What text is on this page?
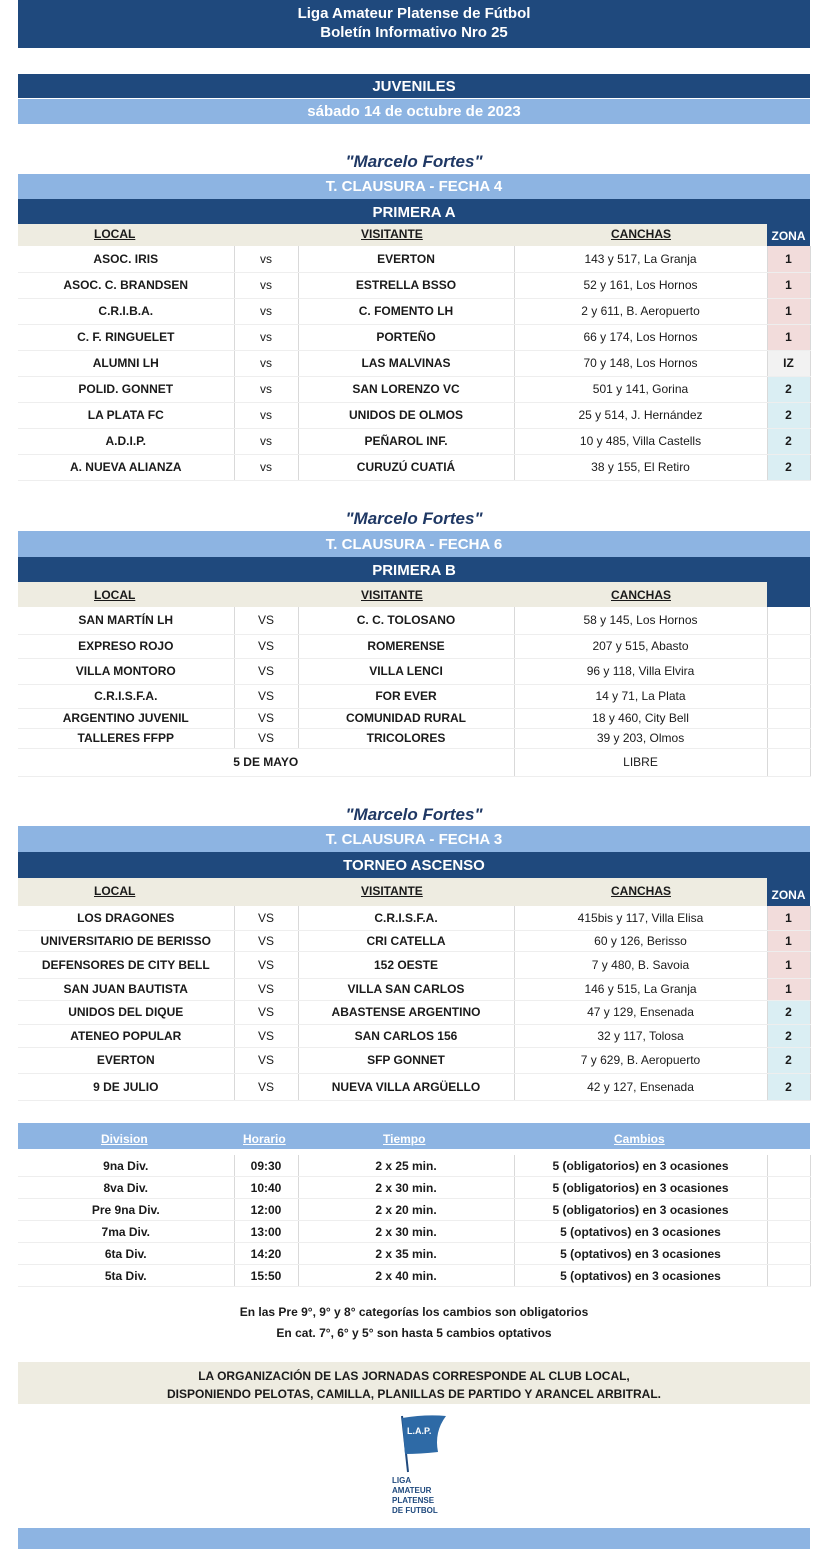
Liga Amateur Platense de Fútbol
Boletín Informativo Nro 25
JUVENILES
sábado 14 de octubre de 2023
"Marcelo Fortes"
T. CLAUSURA - FECHA 4
PRIMERA A
LOCAL	VISITANTE	CANCHAS	ZONA
ASOC. IRIS	vs	EVERTON	143 y 517, La Granja	1
ASOC. C. BRANDSEN	vs	ESTRELLA BSSO	52 y 161, Los Hornos	1
C.R.I.B.A.	vs	C. FOMENTO LH	2 y 611, B. Aeropuerto	1
C. F. RINGUELET	vs	PORTEÑO	66 y 174, Los Hornos	1
ALUMNI LH	vs	LAS MALVINAS	70 y 148, Los Hornos	IZ
POLID. GONNET	vs	SAN LORENZO VC	501 y 141, Gorina	2
LA PLATA FC	vs	UNIDOS DE OLMOS	25 y 514, J. Hernández	2
A.D.I.P.	vs	PEÑAROL INF.	10 y 485, Villa Castells	2
A. NUEVA ALIANZA	vs	CURUZÚ CUATIÁ	38 y 155, El Retiro	2
"Marcelo Fortes"
T. CLAUSURA - FECHA 6
PRIMERA B
LOCAL	VISITANTE	CANCHAS
SAN MARTÍN LH	VS	C. C. TOLOSANO	58 y 145, Los Hornos	
EXPRESO ROJO	VS	ROMERENSE	207 y 515, Abasto	
VILLA MONTORO	VS	VILLA LENCI	96 y 118, Villa Elvira	
C.R.I.S.F.A.	VS	FOR EVER	14 y 71, La Plata	
ARGENTINO JUVENIL	VS	COMUNIDAD RURAL	18 y 460, City Bell	
TALLERES FFPP	VS	TRICOLORES	39 y 203, Olmos	
5 DE MAYO			LIBRE	
"Marcelo Fortes"
T. CLAUSURA - FECHA 3
TORNEO ASCENSO
LOCAL	VISITANTE	CANCHAS	ZONA
LOS DRAGONES	VS	C.R.I.S.F.A.	415bis y 117, Villa Elisa	1
UNIVERSITARIO DE BERISSO	VS	CRI CATELLA	60 y 126, Berisso	1
DEFENSORES DE CITY BELL	VS	152 OESTE	7 y 480, B. Savoia	1
SAN JUAN BAUTISTA	VS	VILLA SAN CARLOS	146 y 515, La Granja	1
UNIDOS DEL DIQUE	VS	ABASTENSE ARGENTINO	47 y 129, Ensenada	2
ATENEO POPULAR	VS	SAN CARLOS 156	32 y 117, Tolosa	2
EVERTON	VS	SFP GONNET	7 y 629, B. Aeropuerto	2
9 DE JULIO	VS	NUEVA VILLA ARGÜELLO	42 y 127, Ensenada	2
Division	Horario	Tiempo	Cambios
9na Div.	09:30	2 x 25 min.	5 (obligatorios) en 3 ocasiones	
8va Div.	10:40	2 x 30 min.	5 (obligatorios) en 3 ocasiones	
Pre 9na Div.	12:00	2 x 20 min.	5 (obligatorios) en 3 ocasiones	
7ma Div.	13:00	2 x 30 min.	5 (optativos) en 3 ocasiones	
6ta Div.	14:20	2 x 35 min.	5 (optativos) en 3 ocasiones	
5ta Div.	15:50	2 x 40 min.	5 (optativos) en 3 ocasiones	
En las Pre 9°, 9° y 8° categorías los cambios son obligatorios
En cat. 7°, 6° y 5° son hasta 5 cambios optativos
LA ORGANIZACIÓN DE LAS JORNADAS CORRESPONDE AL CLUB LOCAL,
DISPONIENDO PELOTAS, CAMILLA, PLANILLAS DE PARTIDO Y ARANCEL ARBITRAL.
L.A.P.
LIGA
AMATEUR
PLATENSE
DE FUTBOL
